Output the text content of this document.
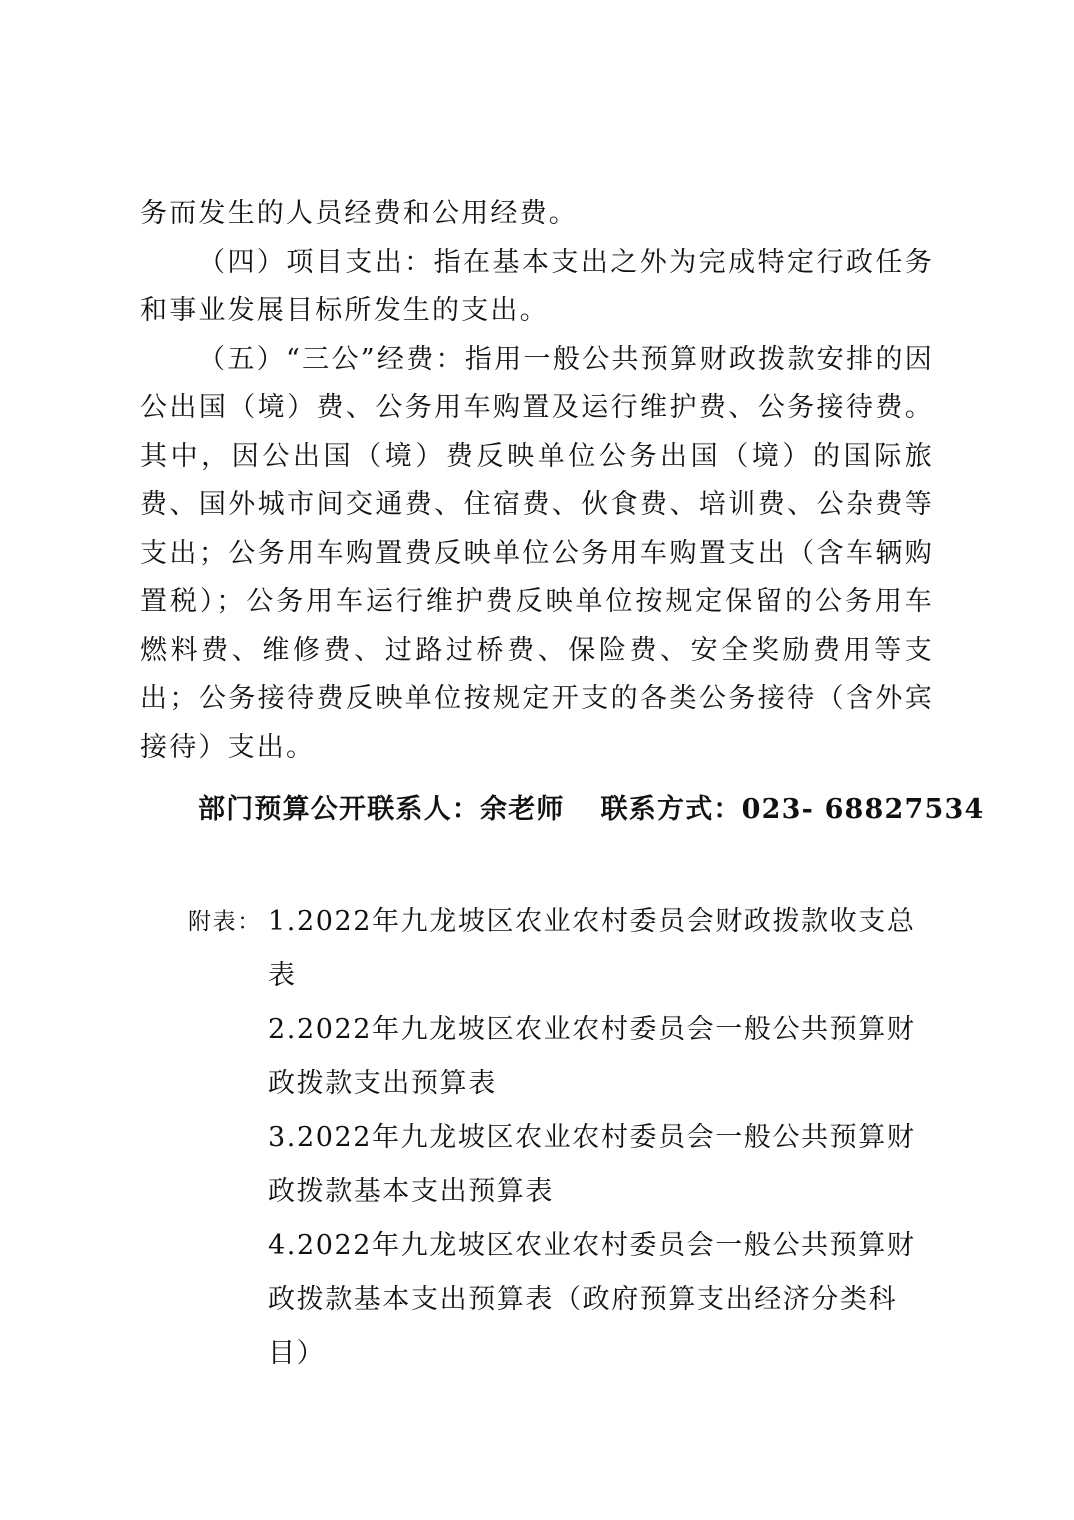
务而发生的人员经费和公用经费。

（四）项目支出：指在基本支出之外为完成特定行政任务和事业发展目标所发生的支出。

（五）“三公”经费：指用一般公共预算财政拨款安排的因公出国（境）费、公务用车购置及运行维护费、公务接待费。其中，因公出国（境）费反映单位公务出国（境）的国际旅费、国外城市间交通费、住宿费、伙食费、培训费、公杂费等支出；公务用车购置费反映单位公务用车购置支出（含车辆购置税）；公务用车运行维护费反映单位按规定保留的公务用车燃料费、维修费、过路过桥费、保险费、安全奖励费用等支出；公务接待费反映单位按规定开支的各类公务接待（含外宾接待）支出。

部门预算公开联系人：余老师 联系方式：023- 68827534
附表： 1.2022年九龙坡区农业农村委员会财政拨款收支总表
2.2022年九龙坡区农业农村委员会一般公共预算财政拨款支出预算表
3.2022年九龙坡区农业农村委员会一般公共预算财政拨款基本支出预算表
4.2022年九龙坡区农业农村委员会一般公共预算财政拨款基本支出预算表（政府预算支出经济分类科目）
